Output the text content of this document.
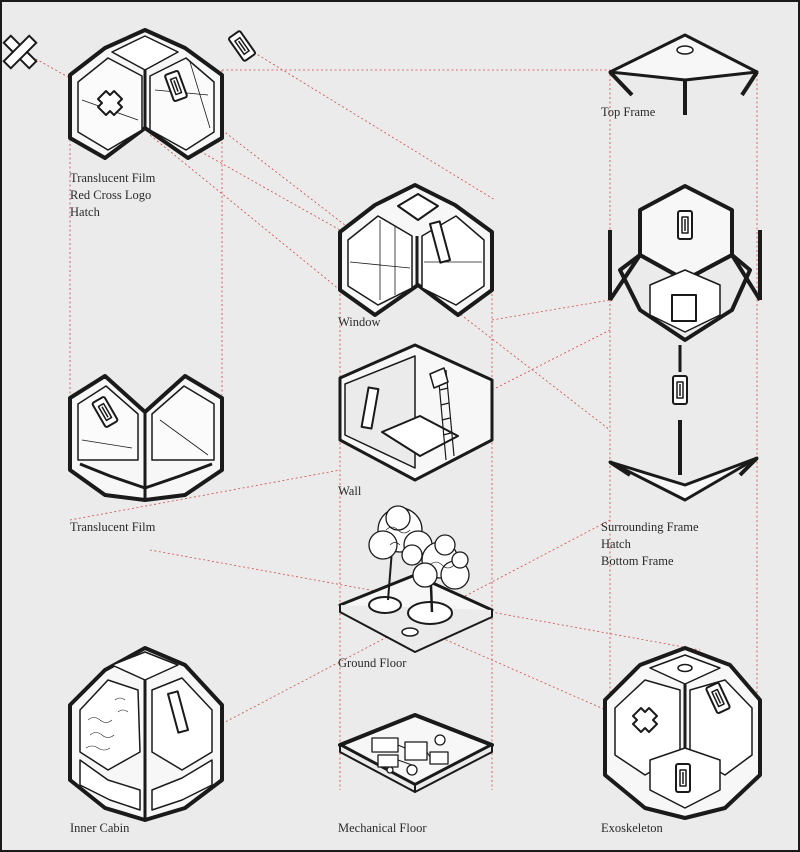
Translucent Film
Red Cross Logo
Hatch

Top Frame

Window

Wall

Translucent Film	Surrounding Frame
Hatch
Bottom Frame

Ground Floor

Inner Cabin	Mechanical Floor	Exoskeleton
